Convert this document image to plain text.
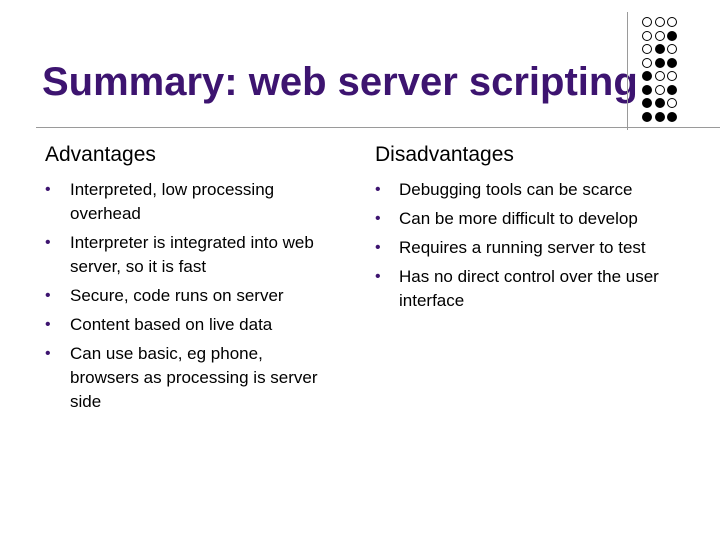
Summary: web server scripting
Advantages
• Interpreted, low processing overhead
• Interpreter is integrated into web server, so it is fast
• Secure, code runs on server
• Content based on live data
• Can use basic, eg phone, browsers as processing is server side
Disadvantages
• Debugging tools can be scarce
• Can be more difficult to develop
• Requires a running server to test
• Has no direct control over the user interface
